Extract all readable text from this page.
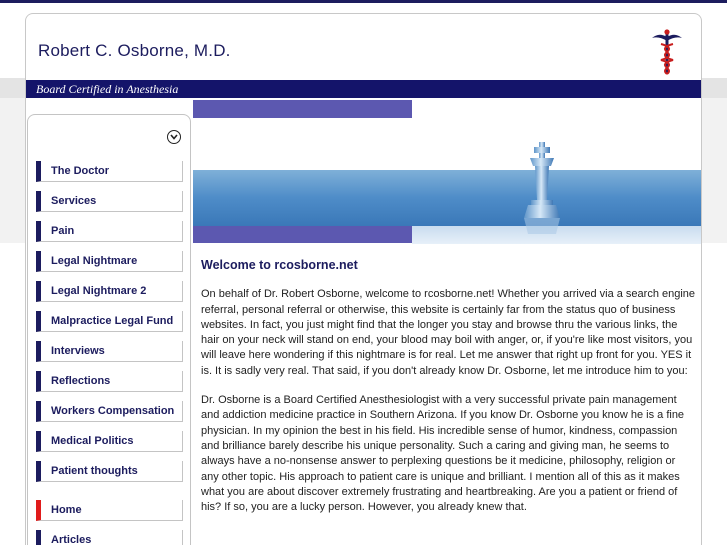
Robert C. Osborne, M.D.
Board Certified in Anesthesia
The Doctor
Services
Pain
Legal Nightmare
Legal Nightmare 2
Malpractice Legal Fund
Interviews
Reflections
Workers Compensation
Medical Politics
Patient thoughts
Home
Articles
Welcome to rcosborne.net

On behalf of Dr. Robert Osborne, welcome to rcosborne.net! Whether you arrived via a search engine referral, personal referral or otherwise, this website is certainly far from the status quo of business websites. In fact, you just might find that the longer you stay and browse thru the various links, the hair on your neck will stand on end, your blood may boil with anger, or, if you're like most visitors, you will leave here wondering if this nightmare is for real. Let me answer that right up front for you. YES it is. It is sadly very real. That said, if you don't already know Dr. Osborne, let me introduce him to you:

Dr. Osborne is a Board Certified Anesthesiologist with a very successful private pain management and addiction medicine practice in Southern Arizona. If you know Dr. Osborne you know he is a fine physician. In my opinion the best in his field. His incredible sense of humor, kindness, compassion and brilliance barely describe his unique personality. Such a caring and giving man, he seems to always have a no-nonsense answer to perplexing questions be it medicine, philosophy, religion or any other topic. His approach to patient care is unique and brilliant. I mention all of this as it makes what you are about discover extremely frustrating and heartbreaking. Are you a patient or friend of his? If so, you are a lucky person. However, you already knew that.
